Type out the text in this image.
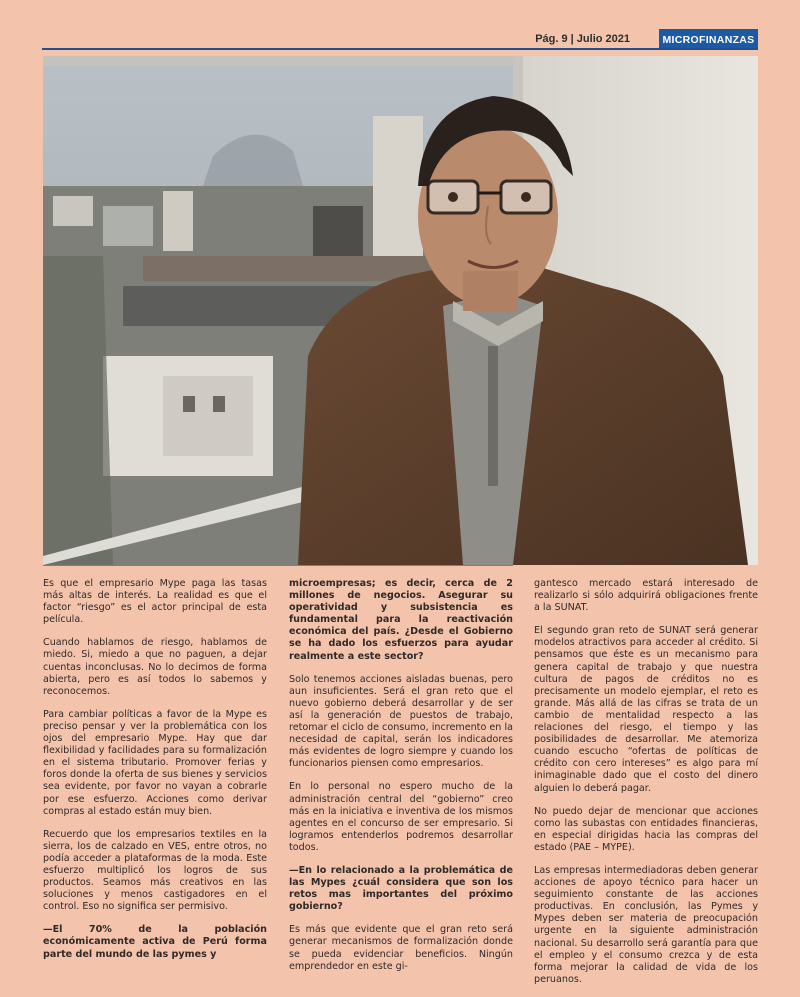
Pág. 9 | Julio 2021	MICROFINANZAS

Es que el empresario Mype paga las tasas más altas de interés. La realidad es que el factor “riesgo” es el actor principal de esta película.

Cuando hablamos de riesgo, hablamos de miedo. Si, miedo a que no paguen, a dejar cuentas inconclusas. No lo decimos de forma abierta, pero es así todos lo sabemos y reconocemos.

Para cambiar políticas a favor de la Mype es preciso pensar y ver la problemática con los ojos del empresario Mype. Hay que dar flexibilidad y facilidades para su formalización en el sistema tributario. Promover ferias y foros donde la oferta de sus bienes y servicios sea evidente, por favor no vayan a cobrarle por ese esfuerzo. Acciones como derivar compras al estado están muy bien.

Recuerdo que los empresarios textiles en la sierra, los de calzado en VES, entre otros, no podía acceder a plataformas de la moda. Este esfuerzo multiplicó los logros de sus productos. Seamos más creativos en las soluciones y menos castigadores en el control. Eso no significa ser permisivo.

—El 70% de la población económicamente activa de Perú forma parte del mundo de las pymes y

microempresas; es decir, cerca de 2 millones de negocios. Asegurar su operatividad y subsistencia es fundamental para la reactivación económica del país. ¿Desde el Gobierno se ha dado los esfuerzos para ayudar realmente a este sector?

Solo tenemos acciones aisladas buenas, pero aun insuficientes. Será el gran reto que el nuevo gobierno deberá desarrollar y de ser así la generación de puestos de trabajo, retomar el ciclo de consumo, incremento en la necesidad de capital, serán los indicadores más evidentes de logro siempre y cuando los funcionarios piensen como empresarios.

En lo personal no espero mucho de la administración central del “gobierno” creo más en la iniciativa e inventiva de los mismos agentes en el concurso de ser empresario. Si logramos entenderlos podremos desarrollar todos.

—En lo relacionado a la problemática de las Mypes ¿cuál considera que son los retos mas importantes del próximo gobierno?

Es más que evidente que el gran reto será generar mecanismos de formalización donde se pueda evidenciar beneficios. Ningún emprendedor en este gi-

gantesco mercado estará interesado de realizarlo si sólo adquirirá obligaciones frente a la SUNAT.

El segundo gran reto de SUNAT será generar modelos atractivos para acceder al crédito. Si pensamos que éste es un mecanismo para genera capital de trabajo y que nuestra cultura de pagos de créditos no es precisamente un modelo ejemplar, el reto es grande. Más allá de las cifras se trata de un cambio de mentalidad respecto a las relaciones del riesgo, el tiempo y las posibilidades de desarrollar. Me atemoriza cuando escucho “ofertas de políticas de crédito con cero intereses” es algo para mí inimaginable dado que el costo del dinero alguien lo deberá pagar.

No puedo dejar de mencionar que acciones como las subastas con entidades financieras, en especial dirigidas hacia las compras del estado (PAE – MYPE).

Las empresas intermediadoras deben generar acciones de apoyo técnico para hacer un seguimiento constante de las acciones productivas. En conclusión, las Pymes y Mypes deben ser materia de preocupación urgente en la siguiente administración nacional. Su desarrollo será garantía para que el empleo y el consumo crezca y de esta forma mejorar la calidad de vida de los peruanos.
